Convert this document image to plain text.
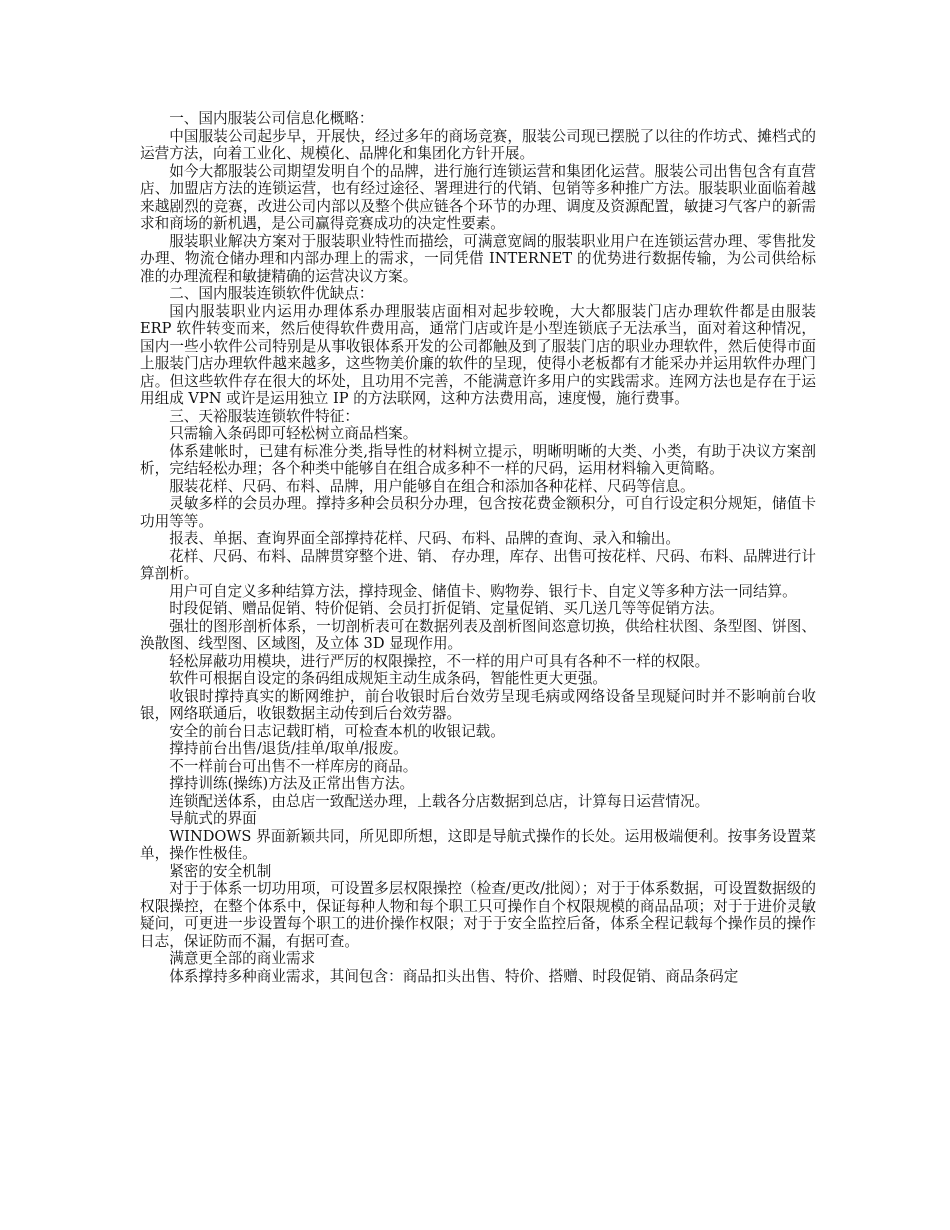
一、国内服装公司信息化概略：

中国服装公司起步早，开展快，经过多年的商场竞赛，服装公司现已摆脱了以往的作坊式、摊档式的运营方法，向着工业化、规模化、品牌化和集团化方针开展。

如今大都服装公司期望发明自个的品牌，进行施行连锁运营和集团化运营。服装公司出售包含有直营店、加盟店方法的连锁运营，也有经过途径、署理进行的代销、包销等多种推广方法。服装职业面临着越来越剧烈的竞赛，改进公司内部以及整个供应链各个环节的办理、调度及资源配置，敏捷习气客户的新需求和商场的新机遇，是公司赢得竞赛成功的决定性要素。

服装职业解决方案对于服装职业特性而描绘，可满意宽阔的服装职业用户在连锁运营办理、零售批发办理、物流仓储办理和内部办理上的需求，一同凭借 INTERNET 的优势进行数据传输，为公司供给标准的办理流程和敏捷精确的运营决议方案。

二、国内服装连锁软件优缺点：

国内服装职业内运用办理体系办理服装店面相对起步较晚，大大都服装门店办理软件都是由服装 ERP 软件转变而来，然后使得软件费用高，通常门店或许是小型连锁底子无法承当，面对着这种情况，国内一些小软件公司特别是从事收银体系开发的公司都触及到了服装门店的职业办理软件，然后使得市面上服装门店办理软件越来越多，这些物美价廉的软件的呈现，使得小老板都有才能采办并运用软件办理门店。但这些软件存在很大的坏处，且功用不完善，不能满意许多用户的实践需求。连网方法也是存在于运用组成 VPN 或许是运用独立 IP 的方法联网，这种方法费用高，速度慢，施行费事。

三、天裕服装连锁软件特征：

只需输入条码即可轻松树立商品档案。

体系建帐时，已建有标准分类,指导性的材料树立提示，明晰明晰的大类、小类，有助于决议方案剖析，完结轻松办理；各个种类中能够自在组合成多种不一样的尺码，运用材料输入更简略。

服装花样、尺码、布料、品牌，用户能够自在组合和添加各种花样、尺码等信息。

灵敏多样的会员办理。撑持多种会员积分办理，包含按花费金额积分，可自行设定积分规矩，储值卡功用等等。

报表、单据、查询界面全部撑持花样、尺码、布料、品牌的查询、录入和输出。

花样、尺码、布料、品牌贯穿整个进、销、 存办理，库存、出售可按花样、尺码、布料、品牌进行计算剖析。

用户可自定义多种结算方法，撑持现金、储值卡、购物券、银行卡、自定义等多种方法一同结算。

时段促销、赠品促销、特价促销、会员打折促销、定量促销、买几送几等等促销方法。

强壮的图形剖析体系，一切剖析表可在数据列表及剖析图间恣意切换，供给柱状图、条型图、饼图、涣散图、线型图、区域图，及立体 3D 显现作用。

轻松屏蔽功用模块，进行严厉的权限操控，不一样的用户可具有各种不一样的权限。

软件可根据自设定的条码组成规矩主动生成条码，智能性更大更强。

收银时撑持真实的断网维护，前台收银时后台效劳呈现毛病或网络设备呈现疑问时并不影响前台收银，网络联通后，收银数据主动传到后台效劳器。

安全的前台日志记载盯梢，可检查本机的收银记载。

撑持前台出售/退货/挂单/取单/报废。

不一样前台可出售不一样库房的商品。

撑持训练(操练)方法及正常出售方法。

连锁配送体系，由总店一致配送办理，上载各分店数据到总店，计算每日运营情况。

导航式的界面

WINDOWS 界面新颖共同，所见即所想，这即是导航式操作的长处。运用极端便利。按事务设置菜单，操作性极佳。

紧密的安全机制

对于于体系一切功用项，可设置多层权限操控（检查/更改/批阅）；对于于体系数据，可设置数据级的权限操控，在整个体系中，保证每种人物和每个职工只可操作自个权限规模的商品品项；对于于进价灵敏疑问，可更进一步设置每个职工的进价操作权限；对于于安全监控后备，体系全程记载每个操作员的操作日志，保证防而不漏，有据可查。

满意更全部的商业需求

体系撑持多种商业需求，其间包含：商品扣头出售、特价、搭赠、时段促销、商品条码定
